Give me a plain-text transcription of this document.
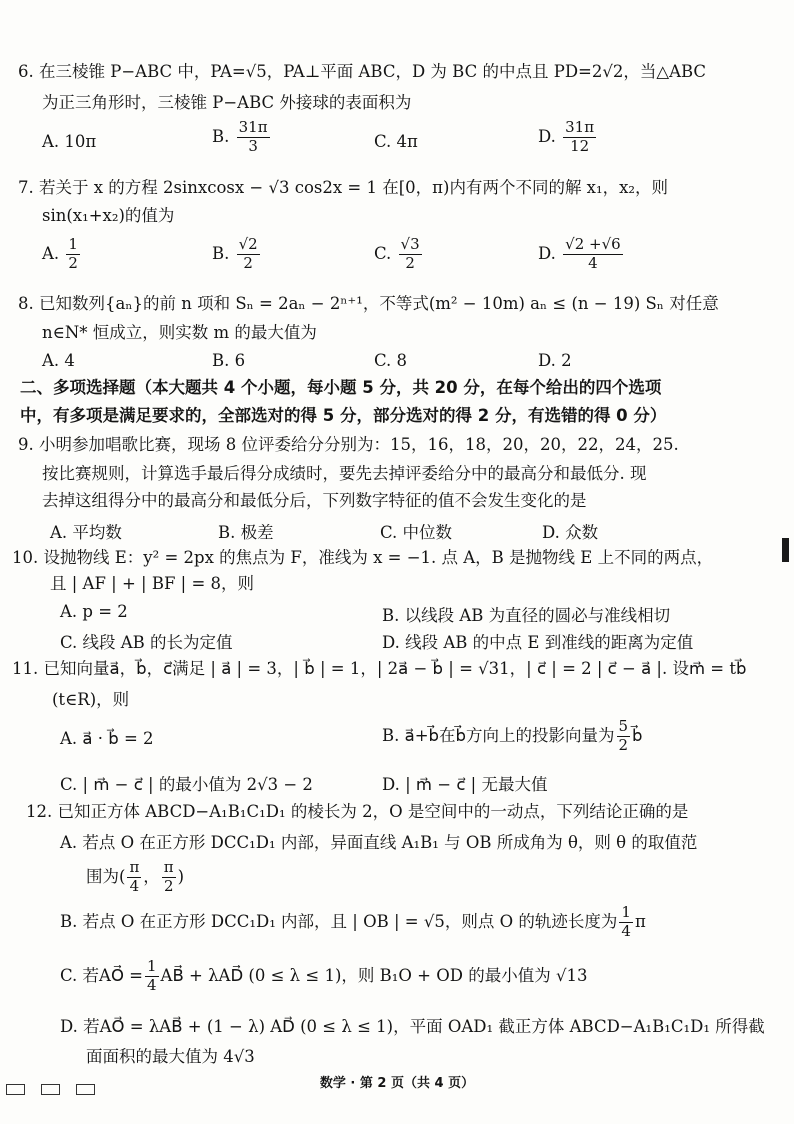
6. 在三棱锥 P−ABC 中，PA=√5，PA⊥平面 ABC，D 为 BC 的中点且 PD=2√2，当△ABC
为正三角形时，三棱锥 P−ABC 外接球的表面积为
A. 10π	B. $\frac{31\pi}{3}$	C. 4π	D. $\frac{31\pi}{12}$
7. 若关于 x 的方程 2sinxcosx − √3 cos2x = 1 在[0，π)内有两个不同的解 x₁，x₂，则
sin(x₁+x₂)的值为
A. $\frac{1}{2}$	B. $\frac{√2}{2}$	C. $\frac{√3}{2}$	D. $\frac{√2 +√6}{4}$
8. 已知数列{aₙ}的前 n 项和 Sₙ = 2aₙ − 2ⁿ⁺¹，不等式(m² − 10m) aₙ ≤ (n − 19) Sₙ 对任意
n∈N* 恒成立，则实数 m 的最大值为
A. 4	B. 6	C. 8	D. 2
二、多项选择题（本大题共 4 个小题，每小题 5 分，共 20 分，在每个给出的四个选项
中，有多项是满足要求的，全部选对的得 5 分，部分选对的得 2 分，有选错的得 0 分）
9. 小明参加唱歌比赛，现场 8 位评委给分分别为：15，16，18，20，20，22，24，25.
按比赛规则，计算选手最后得分成绩时，要先去掉评委给分中的最高分和最低分. 现
去掉这组得分中的最高分和最低分后，下列数字特征的值不会发生变化的是
A. 平均数	B. 极差	C. 中位数	D. 众数
10. 设抛物线 E：y² = 2px 的焦点为 F，准线为 x = −1. 点 A，B 是抛物线 E 上不同的两点，
且 | AF | + | BF | = 8，则
A. p = 2	B. 以线段 AB 为直径的圆必与准线相切
C. 线段 AB 的长为定值	D. 线段 AB 的中点 E 到准线的距离为定值
11. 已知向量a⃗，b⃗，c⃗满足 | a⃗ | = 3，| b⃗ | = 1，| 2a⃗ − b⃗ | = √31，| c⃗ | = 2 | c⃗ − a⃗ |. 设m⃗ = tb⃗
(t∈R)，则
A. a⃗ · b⃗ = 2	B. a⃗+b⃗在b⃗方向上的投影向量为 $\frac{5}{2}$ b⃗
C. | m⃗ − c⃗ | 的最小值为 2√3 − 2	D. | m⃗ − c⃗ | 无最大值
12. 已知正方体 ABCD−A₁B₁C₁D₁ 的棱长为 2，O 是空间中的一动点，下列结论正确的是
A. 若点 O 在正方形 DCC₁D₁ 内部，异面直线 A₁B₁ 与 OB 所成角为 θ，则 θ 的取值范
围为( $\frac{\pi}{4}$ ， $\frac{\pi}{2}$ )
B. 若点 O 在正方形 DCC₁D₁ 内部，且 | OB | = √5，则点 O 的轨迹长度为 $\frac{1}{4}$ π
C. 若AO⃗ = $\frac{1}{4}$ AB⃗ + λAD⃗ (0 ≤ λ ≤ 1)，则 B₁O + OD 的最小值为 √13
D. 若AO⃗ = λAB⃗ + (1 − λ) AD⃗ (0 ≤ λ ≤ 1)，平面 OAD₁ 截正方体 ABCD−A₁B₁C₁D₁ 所得截
面面积的最大值为 4√3
数学 · 第 2 页（共 4 页）
